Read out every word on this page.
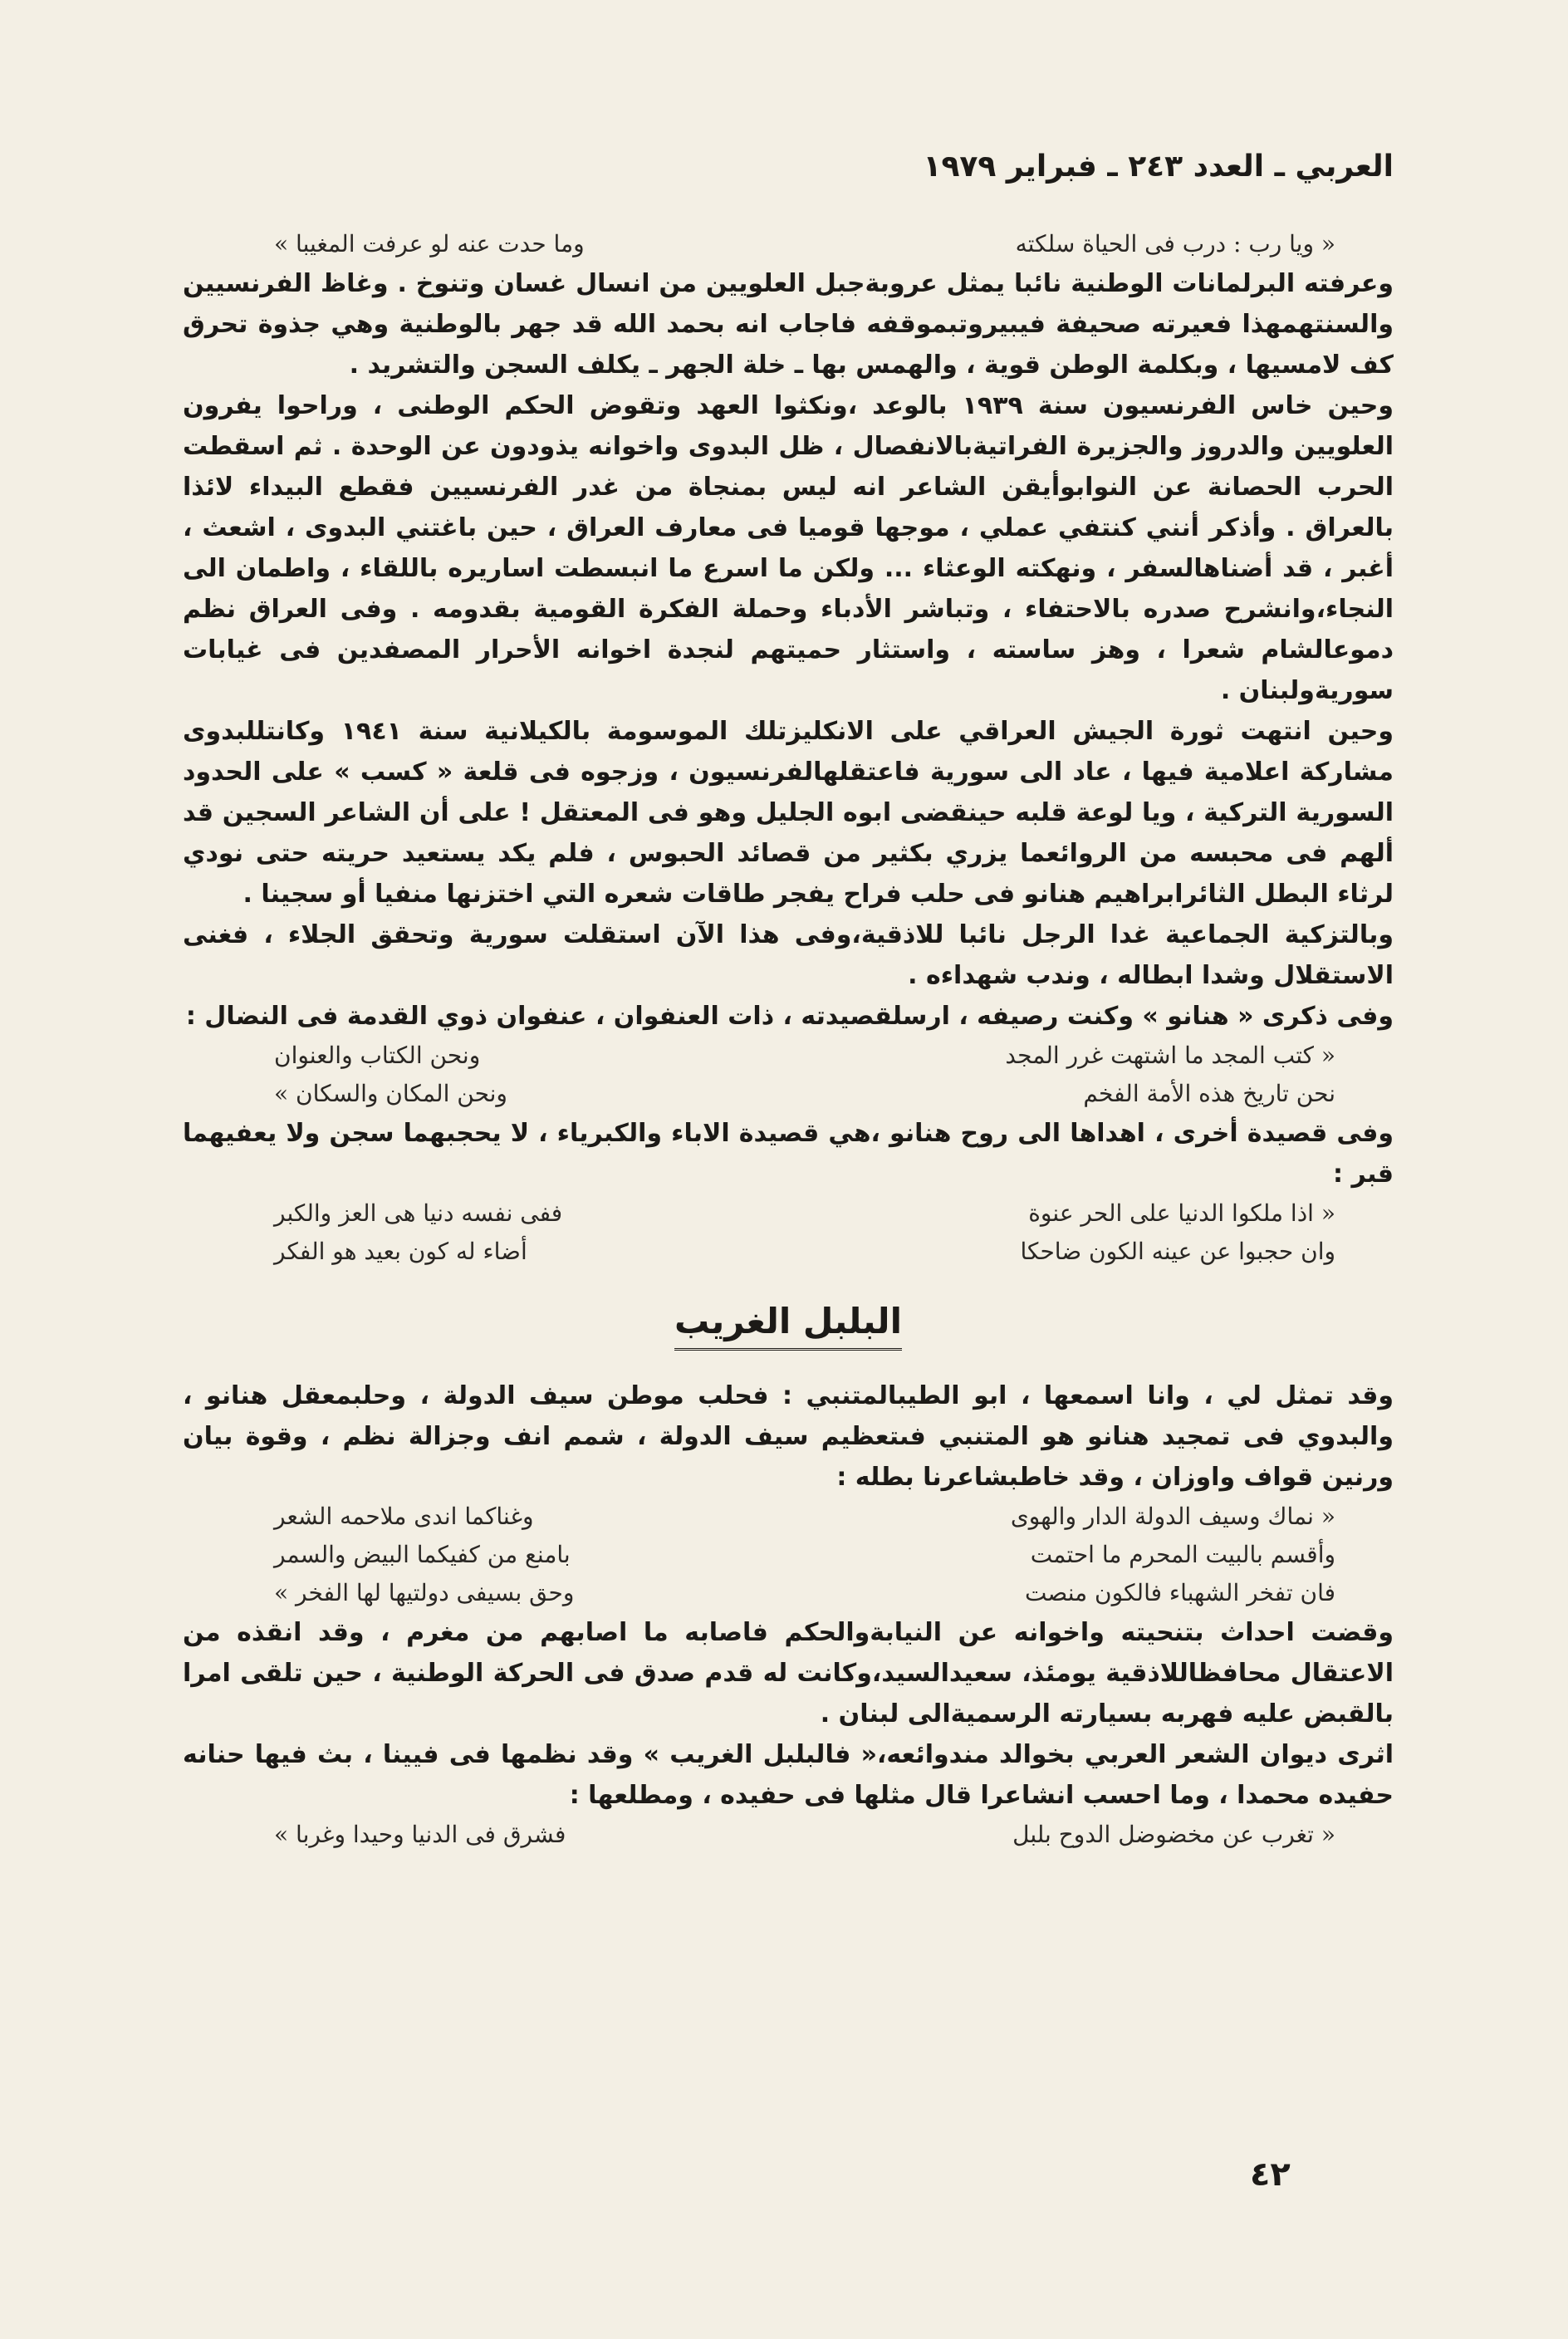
العربي ـ العدد ٢٤٣ ـ فبراير ١٩٧٩
« ويا رب : درب فى الحياة سلكته
وما حدت عنه لو عرفت المغيبا »

وعرفته البرلمانات الوطنية نائبا يمثل عروبةجبل العلويين من انسال غسان وتنوخ . وغاظ الفرنسيين والسنتهمهذا فعيرته صحيفة فيبيروتبموقفه فاجاب انه بحمد الله قد جهر بالوطنية وهي جذوة تحرق كف لامسيها ، وبكلمة الوطن قوية ، والهمس بها ـ خلة الجهر ـ يكلف السجن والتشريد .

وحين خاس الفرنسيون سنة ١٩٣٩ بالوعد ،ونكثوا العهد وتقوض الحكم الوطنى ، وراحوا يفرون العلويين والدروز والجزيرة الفراتيةبالانفصال ، ظل البدوى واخوانه يذودون عن الوحدة . ثم اسقطت الحرب الحصانة عن النوابوأيقن الشاعر انه ليس بمنجاة من غدر الفرنسيين فقطع البيداء لائذا بالعراق . وأذكر أنني كنتفي عملي ، موجها قوميا فى معارف العراق ، حين باغتني البدوى ، اشعث ، أغبر ، قد أضناهالسفر ، ونهكته الوعثاء ... ولكن ما اسرع ما انبسطت اساريره باللقاء ، واطمان الى النجاء،وانشرح صدره بالاحتفاء ، وتباشر الأدباء وحملة الفكرة القومية بقدومه . وفى العراق نظم دموعالشام شعرا ، وهز ساسته ، واستثار حميتهم لنجدة اخوانه الأحرار المصفدين فى غيابات سوريةولبنان .

وحين انتهت ثورة الجيش العراقي على الانكليزتلك الموسومة بالكيلانية سنة ١٩٤١ وكانتللبدوى مشاركة اعلامية فيها ، عاد الى سورية فاعتقلهالفرنسيون ، وزجوه فى قلعة « كسب » على الحدود السورية التركية ، ويا لوعة قلبه حينقضى ابوه الجليل وهو فى المعتقل ! على أن الشاعر السجين قد ألهم فى محبسه من الروائعما يزري بكثير من قصائد الحبوس ، فلم يكد يستعيد حريته حتى نودي لرثاء البطل الثائرابراهيم هنانو فى حلب فراح يفجر طاقات شعره التي اختزنها منفيا أو سجينا .

وبالتزكية الجماعية غدا الرجل نائبا للاذقية،وفى هذا الآن استقلت سورية وتحقق الجلاء ، فغنى الاستقلال وشدا ابطاله ، وندب شهداءه .

وفى ذكرى « هنانو » وكنت رصيفه ، ارسلقصيدته ، ذات العنفوان ، عنفوان ذوي القدمة فى النضال :

« كتب المجد ما اشتهت غرر المجد
ونحن الكتاب والعنوان
نحن تاريخ هذه الأمة الفخم
ونحن المكان والسكان »

وفى قصيدة أخرى ، اهداها الى روح هنانو ،هي قصيدة الاباء والكبرياء ، لا يحجبهما سجن ولا يعفيهما قبر :

« اذا ملكوا الدنيا على الحر عنوة
ففى نفسه دنيا هى العز والكبر
وان حجبوا عن عينه الكون ضاحكا
أضاء له كون بعيد هو الفكر
البلبل الغريب

وقد تمثل لي ، وانا اسمعها ، ابو الطيبالمتنبي : فحلب موطن سيف الدولة ، وحلبمعقل هنانو ، والبدوي فى تمجيد هنانو هو المتنبي فىتعظيم سيف الدولة ، شمم انف وجزالة نظم ، وقوة بيان ورنين قواف واوزان ، وقد خاطبشاعرنا بطله :

« نماك وسيف الدولة الدار والهوى
وغناكما اندى ملاحمه الشعر
وأقسم بالبيت المحرم ما احتمت
بامنع من كفيكما البيض والسمر
فان تفخر الشهباء فالكون منصت
وحق بسيفى دولتيها لها الفخر »

وقضت احداث بتنحيته واخوانه عن النيابةوالحكم فاصابه ما اصابهم من مغرم ، وقد انقذه من الاعتقال محافظاللاذقية يومئذ، سعيدالسيد،وكانت له قدم صدق فى الحركة الوطنية ، حين تلقى امرا بالقبض عليه فهربه بسيارته الرسميةالى لبنان .

اثرى ديوان الشعر العربي بخوالد مندوائعه،« فالبلبل الغريب » وقد نظمها فى فيينا ، بث فيها حنانه حفيده محمدا ، وما احسب انشاعرا قال مثلها فى حفيده ، ومطلعها :

« تغرب عن مخضوضل الدوح بلبل
فشرق فى الدنيا وحيدا وغربا »
٤٢
